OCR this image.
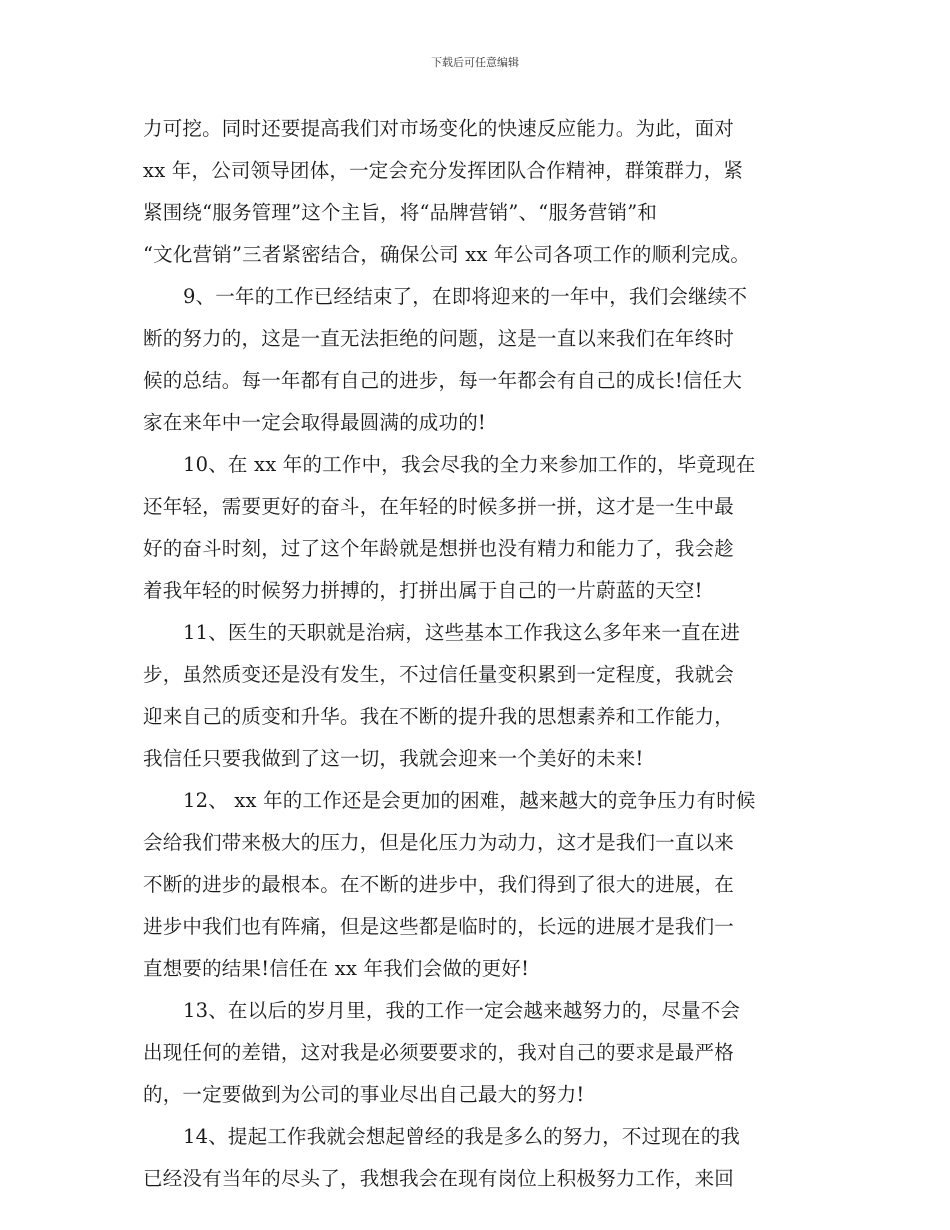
下载后可任意编辑
力可挖。同时还要提高我们对市场变化的快速反应能力。为此，面对
xx 年，公司领导团体，一定会充分发挥团队合作精神，群策群力，紧
紧围绕“服务管理”这个主旨，将“品牌营销”、“服务营销”和
“文化营销”三者紧密结合，确保公司 xx 年公司各项工作的顺利完成。
9、一年的工作已经结束了，在即将迎来的一年中，我们会继续不
断的努力的，这是一直无法拒绝的问题，这是一直以来我们在年终时
候的总结。每一年都有自己的进步，每一年都会有自己的成长!信任大
家在来年中一定会取得最圆满的成功的!
10、在 xx 年的工作中，我会尽我的全力来参加工作的，毕竟现在
还年轻，需要更好的奋斗，在年轻的时候多拼一拼，这才是一生中最
好的奋斗时刻，过了这个年龄就是想拼也没有精力和能力了，我会趁
着我年轻的时候努力拼搏的，打拼出属于自己的一片蔚蓝的天空!
11、医生的天职就是治病，这些基本工作我这么多年来一直在进
步，虽然质变还是没有发生，不过信任量变积累到一定程度，我就会
迎来自己的质变和升华。我在不断的提升我的思想素养和工作能力，
我信任只要我做到了这一切，我就会迎来一个美好的未来!
12、 xx 年的工作还是会更加的困难，越来越大的竞争压力有时候
会给我们带来极大的压力，但是化压力为动力，这才是我们一直以来
不断的进步的最根本。在不断的进步中，我们得到了很大的进展，在
进步中我们也有阵痛，但是这些都是临时的，长远的进展才是我们一
直想要的结果!信任在 xx 年我们会做的更好!
13、在以后的岁月里，我的工作一定会越来越努力的，尽量不会
出现任何的差错，这对我是必须要要求的，我对自己的要求是最严格
的，一定要做到为公司的事业尽出自己最大的努力!
14、提起工作我就会想起曾经的我是多么的努力，不过现在的我
已经没有当年的尽头了，我想我会在现有岗位上积极努力工作，来回
